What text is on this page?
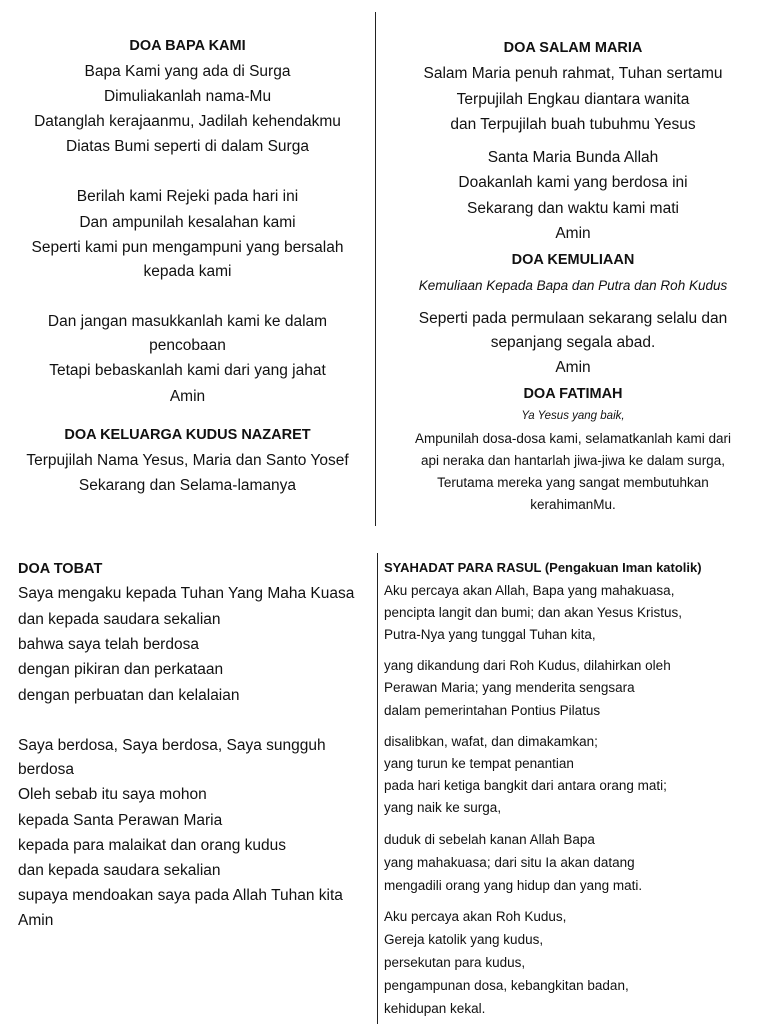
DOA BAPA KAMI

Bapa Kami yang ada di Surga

Dimuliakanlah nama-Mu

Datanglah kerajaanmu, Jadilah kehendakmu

Diatas Bumi seperti di dalam Surga

Berilah kami Rejeki pada hari ini

Dan ampunilah kesalahan kami

Seperti kami pun mengampuni yang bersalah

kepada kami

Dan jangan masukkanlah kami ke dalam

pencobaan

Tetapi bebaskanlah kami dari yang jahat

Amin

DOA KELUARGA KUDUS NAZARET

Terpujilah Nama Yesus, Maria dan Santo Yosef

Sekarang dan Selama-lamanya

DOA SALAM MARIA

Salam Maria penuh rahmat, Tuhan sertamu

Terpujilah Engkau diantara wanita

dan Terpujilah buah tubuhmu Yesus

Santa Maria Bunda Allah

Doakanlah kami yang berdosa ini

Sekarang dan waktu kami mati

Amin

DOA KEMULIAAN

Kemuliaan Kepada Bapa dan Putra dan Roh Kudus

Seperti pada permulaan sekarang selalu dan

sepanjang segala abad.

Amin

DOA FATIMAH

Ya Yesus yang baik,

Ampunilah dosa-dosa kami, selamatkanlah kami dari

api neraka dan hantarlah jiwa-jiwa ke dalam surga,

Terutama mereka yang sangat membutuhkan

kerahimanMu.

DOA TOBAT

Saya mengaku kepada Tuhan Yang Maha Kuasa

dan kepada saudara sekalian

bahwa saya telah berdosa

dengan pikiran dan perkataan

dengan perbuatan dan kelalaian

Saya berdosa, Saya berdosa, Saya sungguh

berdosa

Oleh sebab itu saya mohon

kepada Santa Perawan Maria

kepada para malaikat dan orang kudus

dan kepada saudara sekalian

supaya mendoakan saya pada Allah Tuhan kita

Amin

SYAHADAT PARA RASUL (Pengakuan Iman katolik)

Aku percaya akan Allah, Bapa yang mahakuasa,

pencipta langit dan bumi; dan akan Yesus Kristus,

Putra-Nya yang tunggal Tuhan kita,

yang dikandung dari Roh Kudus, dilahirkan oleh

Perawan Maria; yang menderita sengsara

dalam pemerintahan Pontius Pilatus

disalibkan, wafat, dan dimakamkan;

yang turun ke tempat penantian

pada hari ketiga bangkit dari antara orang mati;

yang naik ke surga,

duduk di sebelah kanan Allah Bapa

yang mahakuasa; dari situ Ia akan datang

mengadili orang yang hidup dan yang mati.

Aku percaya akan Roh Kudus,

Gereja katolik yang kudus,

persekutan para kudus,

pengampunan dosa, kebangkitan badan,

kehidupan kekal.
